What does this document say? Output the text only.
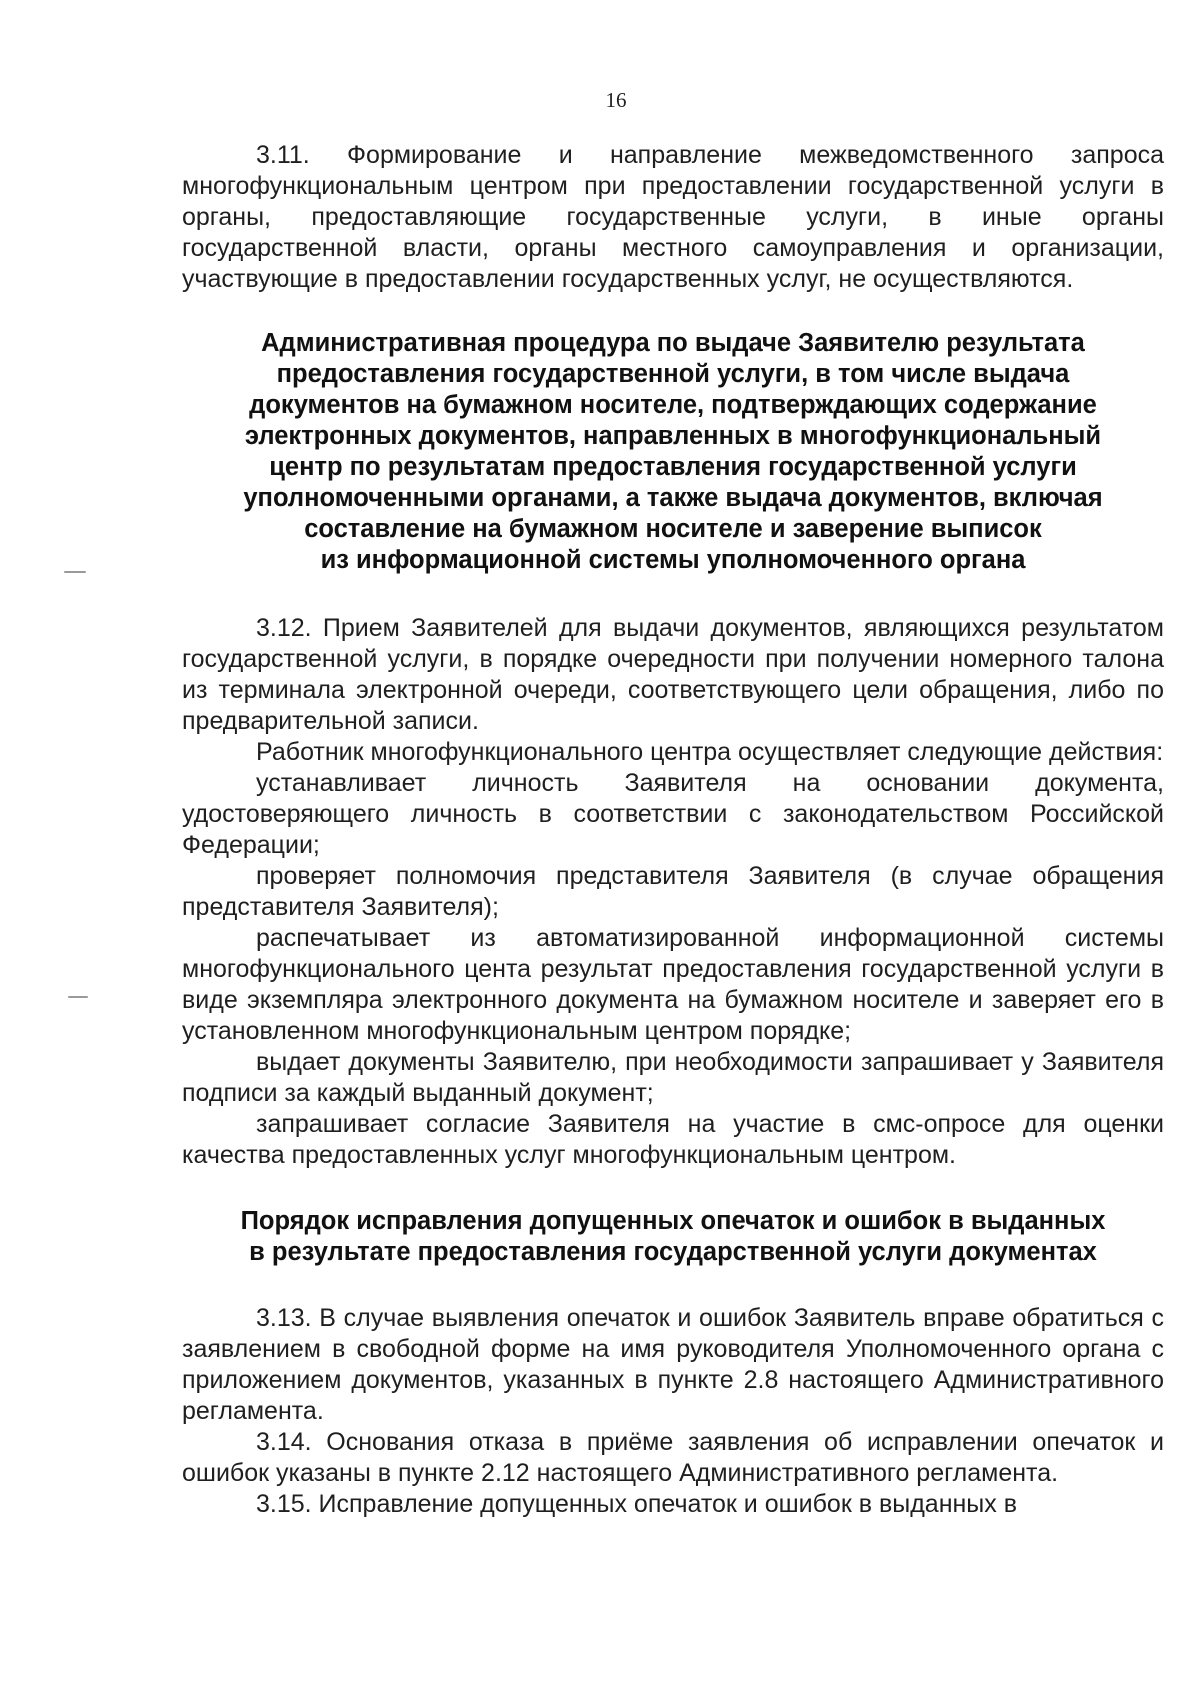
16

3.11. Формирование и направление межведомственного запроса многофункциональным центром при предоставлении государственной услуги в органы, предоставляющие государственные услуги, в иные органы государственной власти, органы местного самоуправления и организации, участвующие в предоставлении государственных услуг, не осуществляются.

Административная процедура по выдаче Заявителю результата

предоставления государственной услуги, в том числе выдача

документов на бумажном носителе, подтверждающих содержание

электронных документов, направленных в многофункциональный

центр по результатам предоставления государственной услуги

уполномоченными органами, а также выдача документов, включая

составление на бумажном носителе и заверение выписок

из информационной системы уполномоченного органа

3.12. Прием Заявителей для выдачи документов, являющихся результатом государственной услуги, в порядке очередности при получении номерного талона из терминала электронной очереди, соответствующего цели обращения, либо по предварительной записи.

Работник многофункционального центра осуществляет следующие действия:

устанавливает личность Заявителя на основании документа, удостоверяющего личность в соответствии с законодательством Российской Федерации;

проверяет полномочия представителя Заявителя (в случае обращения представителя Заявителя);

распечатывает из автоматизированной информационной системы многофункционального цента результат предоставления государственной услуги в виде экземпляра электронного документа на бумажном носителе и заверяет его в установленном многофункциональным центром порядке;

выдает документы Заявителю, при необходимости запрашивает у Заявителя подписи за каждый выданный документ;

запрашивает согласие Заявителя на участие в смс-опросе для оценки качества предоставленных услуг многофункциональным центром.

Порядок исправления допущенных опечаток и ошибок в выданных

в результате предоставления государственной услуги документах

3.13. В случае выявления опечаток и ошибок Заявитель вправе обратиться с заявлением в свободной форме на имя руководителя Уполномоченного органа с приложением документов, указанных в пункте 2.8 настоящего Административного регламента.

3.14. Основания отказа в приёме заявления об исправлении опечаток и ошибок указаны в пункте 2.12 настоящего Административного регламента.

3.15. Исправление допущенных опечаток и ошибок в выданных в
